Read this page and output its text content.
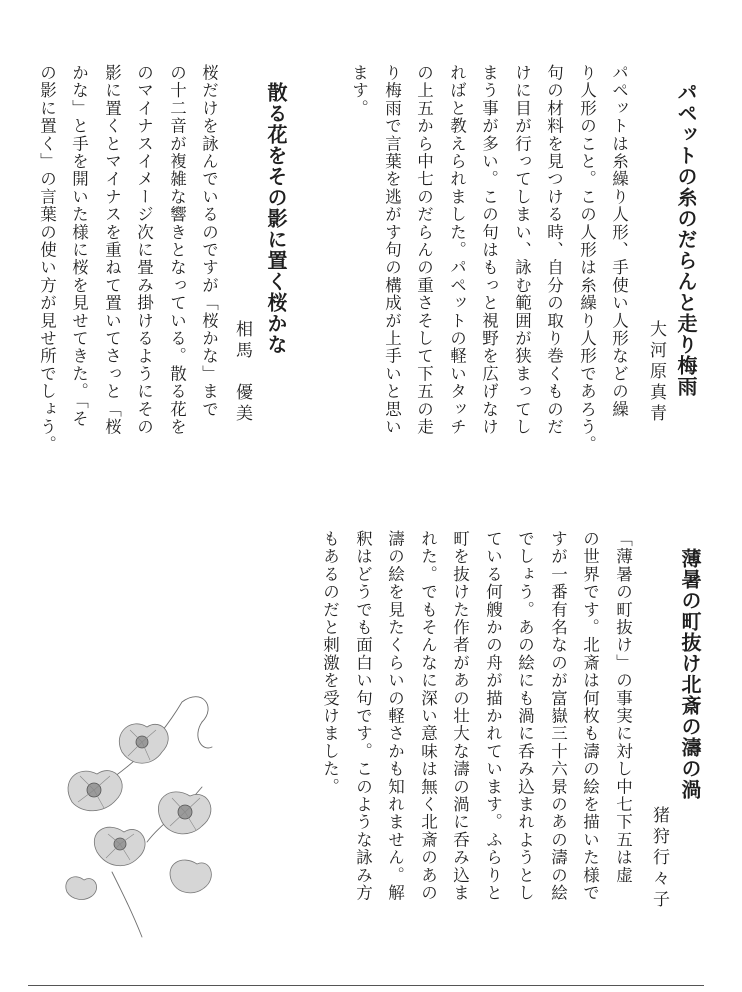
パペットの糸のだらんと走り梅雨
大河原真青
パペットは糸繰り人形、手使い人形などの繰
り人形のこと。この人形は糸繰り人形であろう。
句の材料を見つける時、自分の取り巻くものだ
けに目が行ってしまい、詠む範囲が狭まってし
まう事が多い。この句はもっと視野を広げなけ
ればと教えられました。パペットの軽いタッチ
の上五から中七のだらんの重さそして下五の走
り梅雨で言葉を逃がす句の構成が上手いと思い
ます。
散る花をその影に置く桜かな
相馬　優美
桜だけを詠んでいるのですが「桜かな」まで
の十二音が複雑な響きとなっている。散る花を
のマイナスイメージ次に畳み掛けるようにその
影に置くとマイナスを重ねて置いてさっと「桜
かな」と手を開いた様に桜を見せてきた。「そ
の影に置く」の言葉の使い方が見せ所でしょう。
薄暑の町抜け北斎の濤の渦
猪狩行々子
「薄暑の町抜け」の事実に対し中七下五は虚
の世界です。北斎は何枚も濤の絵を描いた様で
すが一番有名なのが富嶽三十六景のあの濤の絵
でしょう。あの絵にも渦に呑み込まれようとし
ている何艘かの舟が描かれています。ふらりと
町を抜けた作者があの壮大な濤の渦に呑み込ま
れた。でもそんなに深い意味は無く北斎のあの
濤の絵を見たくらいの軽さかも知れません。解
釈はどうでも面白い句です。このような詠み方
もあるのだと刺激を受けました。
